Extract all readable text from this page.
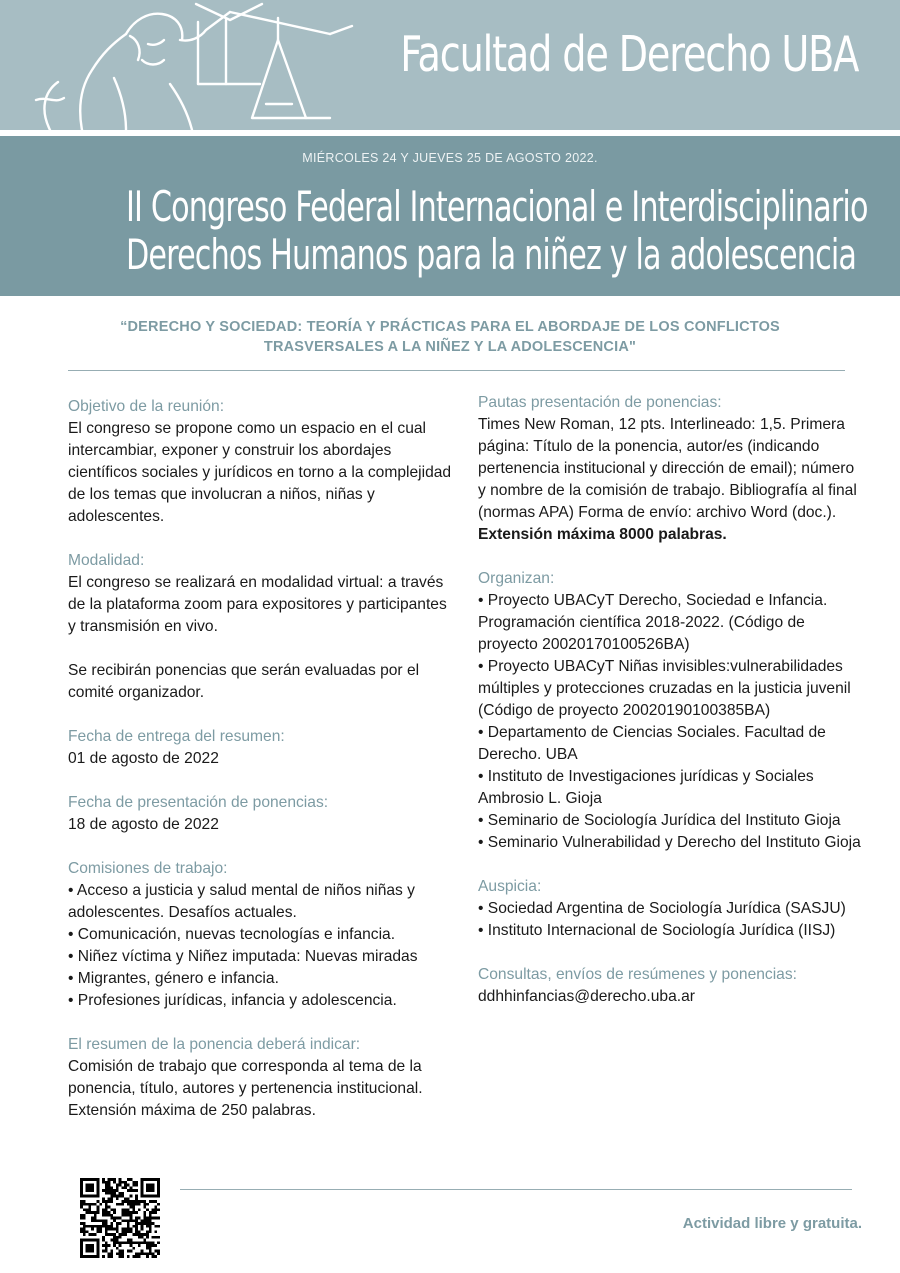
Facultad de Derecho UBA
MIÉRCOLES 24 Y JUEVES 25 DE AGOSTO 2022.
II Congreso Federal Internacional e Interdisciplinario
Derechos Humanos para la niñez y la adolescencia
“DERECHO Y SOCIEDAD: TEORÍA Y PRÁCTICAS PARA EL ABORDAJE DE LOS CONFLICTOS
TRASVERSALES A LA NIÑEZ Y LA ADOLESCENCIA"
Objetivo de la reunión:
El congreso se propone como un espacio en el cual intercambiar, exponer y construir los abordajes científicos sociales y jurídicos en torno a la complejidad de los temas que involucran a niños, niñas y adolescentes.
Modalidad:
El congreso se realizará en modalidad virtual: a través de la plataforma zoom para expositores y participantes y transmisión en vivo.
Se recibirán ponencias que serán evaluadas por el comité organizador.
Fecha de entrega del resumen:
01 de agosto de 2022
Fecha de presentación de ponencias:
18 de agosto de 2022
Comisiones de trabajo:
• Acceso a justicia y salud mental de niños niñas y adolescentes. Desafíos actuales.
• Comunicación, nuevas tecnologías e infancia.
• Niñez víctima y Niñez imputada: Nuevas miradas
• Migrantes, género e infancia.
• Profesiones jurídicas, infancia y adolescencia.
El resumen de la ponencia deberá indicar:
Comisión de trabajo que corresponda al tema de la ponencia, título, autores y pertenencia institucional. Extensión máxima de 250 palabras.
Pautas presentación de ponencias:
Times New Roman, 12 pts. Interlineado: 1,5. Primera página: Título de la ponencia, autor/es (indicando pertenencia institucional y dirección de email); número y nombre de la comisión de trabajo. Bibliografía al final (normas APA) Forma de envío: archivo Word (doc.). Extensión máxima 8000 palabras.
Organizan:
• Proyecto UBACyT Derecho, Sociedad e Infancia. Programación científica 2018-2022. (Código de proyecto 20020170100526BA)
• Proyecto UBACyT Niñas invisibles:vulnerabilidades múltiples y protecciones cruzadas en la justicia juvenil (Código de proyecto 20020190100385BA)
• Departamento de Ciencias Sociales. Facultad de Derecho. UBA
• Instituto de Investigaciones jurídicas y Sociales Ambrosio L. Gioja
• Seminario de Sociología Jurídica del Instituto Gioja
• Seminario Vulnerabilidad y Derecho del Instituto Gioja
Auspicia:
• Sociedad Argentina de Sociología Jurídica (SASJU)
• Instituto Internacional de Sociología Jurídica (IISJ)
Consultas, envíos de resúmenes y ponencias:
ddhhinfancias@derecho.uba.ar
Actividad libre y gratuita.
